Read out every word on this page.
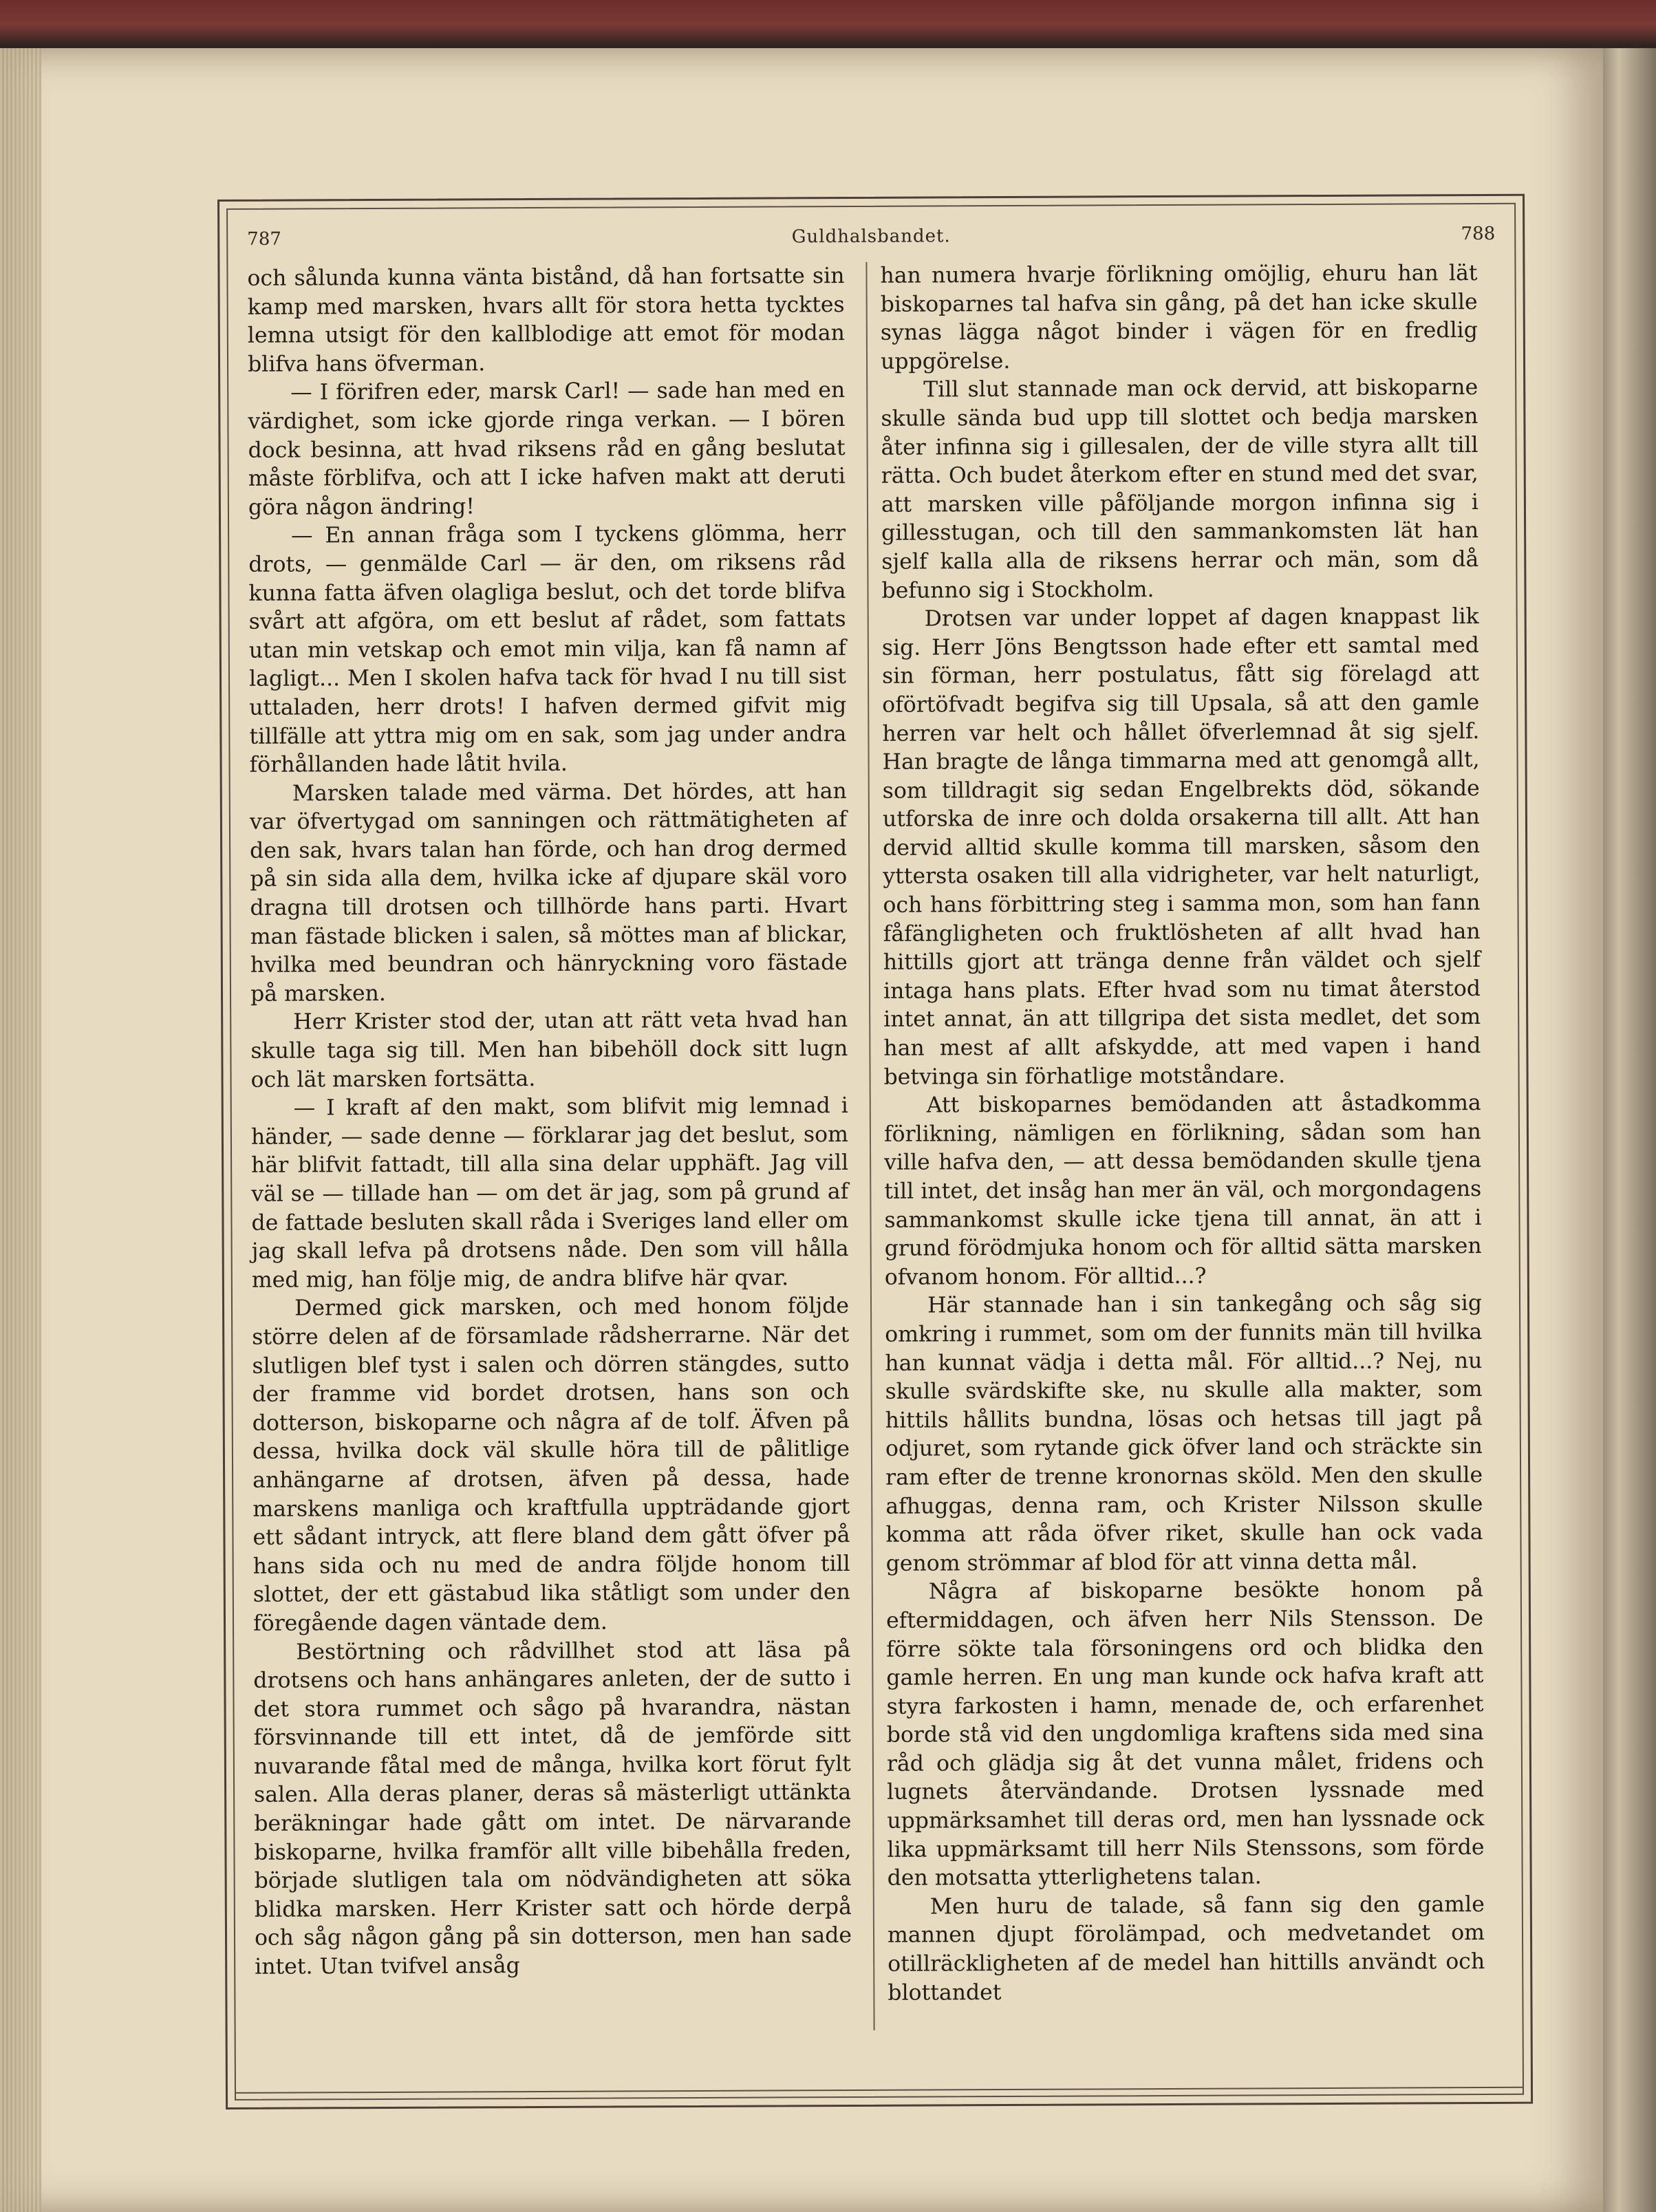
787	Guldhalsbandet.	788

och sålunda kunna vänta bistånd, då han fortsatte sin kamp med marsken, hvars allt för stora hetta tycktes lemna utsigt för den kallblodige att emot för modan blifva hans öfverman.

— I förifren eder, marsk Carl! — sade han med en värdighet, som icke gjorde ringa verkan. — I bören dock besinna, att hvad riksens råd en gång beslutat måste förblifva, och att I icke hafven makt att deruti göra någon ändring!

— En annan fråga som I tyckens glömma, herr drots, — genmälde Carl — är den, om riksens råd kunna fatta äfven olagliga beslut, och det torde blifva svårt att afgöra, om ett beslut af rådet, som fattats utan min vetskap och emot min vilja, kan få namn af lagligt... Men I skolen hafva tack för hvad I nu till sist uttaladen, herr drots! I hafven dermed gifvit mig tillfälle att yttra mig om en sak, som jag under andra förhållanden hade låtit hvila.

Marsken talade med värma. Det hördes, att han var öfvertygad om sanningen och rättmätigheten af den sak, hvars talan han förde, och han drog dermed på sin sida alla dem, hvilka icke af djupare skäl voro dragna till drotsen och tillhörde hans parti. Hvart man fästade blicken i salen, så möttes man af blickar, hvilka med beundran och hänryckning voro fästade på marsken.

Herr Krister stod der, utan att rätt veta hvad han skulle taga sig till. Men han bibehöll dock sitt lugn och lät marsken fortsätta.

— I kraft af den makt, som blifvit mig lemnad i händer, — sade denne — förklarar jag det beslut, som här blifvit fattadt, till alla sina delar upphäft. Jag vill väl se — tillade han — om det är jag, som på grund af de fattade besluten skall råda i Sveriges land eller om jag skall lefva på drotsens nåde. Den som vill hålla med mig, han följe mig, de andra blifve här qvar.

Dermed gick marsken, och med honom följde större delen af de församlade rådsherrarne. När det slutligen blef tyst i salen och dörren stängdes, sutto der framme vid bordet drotsen, hans son och dotterson, biskoparne och några af de tolf. Äfven på dessa, hvilka dock väl skulle höra till de pålitlige anhängarne af drotsen, äfven på dessa, hade marskens manliga och kraftfulla uppträdande gjort ett sådant intryck, att flere bland dem gått öfver på hans sida och nu med de andra följde honom till slottet, der ett gästabud lika ståtligt som under den föregående dagen väntade dem.

Bestörtning och rådvillhet stod att läsa på drotsens och hans anhängares anleten, der de sutto i det stora rummet och sågo på hvarandra, nästan försvinnande till ett intet, då de jemförde sitt nuvarande fåtal med de många, hvilka kort förut fylt salen. Alla deras planer, deras så mästerligt uttänkta beräkningar hade gått om intet. De närvarande biskoparne, hvilka framför allt ville bibehålla freden, började slutligen tala om nödvändigheten att söka blidka marsken. Herr Krister satt och hörde derpå och såg någon gång på sin dotterson, men han sade intet. Utan tvifvel ansåg

han numera hvarje förlikning omöjlig, ehuru han lät biskoparnes tal hafva sin gång, på det han icke skulle synas lägga något binder i vägen för en fredlig uppgörelse.

Till slut stannade man ock dervid, att biskoparne skulle sända bud upp till slottet och bedja marsken åter infinna sig i gillesalen, der de ville styra allt till rätta. Och budet återkom efter en stund med det svar, att marsken ville påföljande morgon infinna sig i gillesstugan, och till den sammankomsten lät han sjelf kalla alla de riksens herrar och män, som då befunno sig i Stockholm.

Drotsen var under loppet af dagen knappast lik sig. Herr Jöns Bengtsson hade efter ett samtal med sin förman, herr postulatus, fått sig förelagd att oförtöfvadt begifva sig till Upsala, så att den gamle herren var helt och hållet öfverlemnad åt sig sjelf. Han bragte de långa timmarna med att genomgå allt, som tilldragit sig sedan Engelbrekts död, sökande utforska de inre och dolda orsakerna till allt. Att han dervid alltid skulle komma till marsken, såsom den yttersta osaken till alla vidrigheter, var helt naturligt, och hans förbittring steg i samma mon, som han fann fåfängligheten och fruktlösheten af allt hvad han hittills gjort att tränga denne från väldet och sjelf intaga hans plats. Efter hvad som nu timat återstod intet annat, än att tillgripa det sista medlet, det som han mest af allt afskydde, att med vapen i hand betvinga sin förhatlige motståndare.

Att biskoparnes bemödanden att åstadkomma förlikning, nämligen en förlikning, sådan som han ville hafva den, — att dessa bemödanden skulle tjena till intet, det insåg han mer än väl, och morgondagens sammankomst skulle icke tjena till annat, än att i grund förödmjuka honom och för alltid sätta marsken ofvanom honom. För alltid...?

Här stannade han i sin tankegång och såg sig omkring i rummet, som om der funnits män till hvilka han kunnat vädja i detta mål. För alltid...? Nej, nu skulle svärdskifte ske, nu skulle alla makter, som hittils hållits bundna, lösas och hetsas till jagt på odjuret, som rytande gick öfver land och sträckte sin ram efter de trenne kronornas sköld. Men den skulle afhuggas, denna ram, och Krister Nilsson skulle komma att råda öfver riket, skulle han ock vada genom strömmar af blod för att vinna detta mål.

Några af biskoparne besökte honom på eftermiddagen, och äfven herr Nils Stensson. De förre sökte tala försoningens ord och blidka den gamle herren. En ung man kunde ock hafva kraft att styra farkosten i hamn, menade de, och erfarenhet borde stå vid den ungdomliga kraftens sida med sina råd och glädja sig åt det vunna målet, fridens och lugnets återvändande. Drotsen lyssnade med uppmärksamhet till deras ord, men han lyssnade ock lika uppmärksamt till herr Nils Stenssons, som förde den motsatta ytterlighetens talan.

Men huru de talade, så fann sig den gamle mannen djupt förolämpad, och medvetandet om otillräckligheten af de medel han hittills användt och blottandet
